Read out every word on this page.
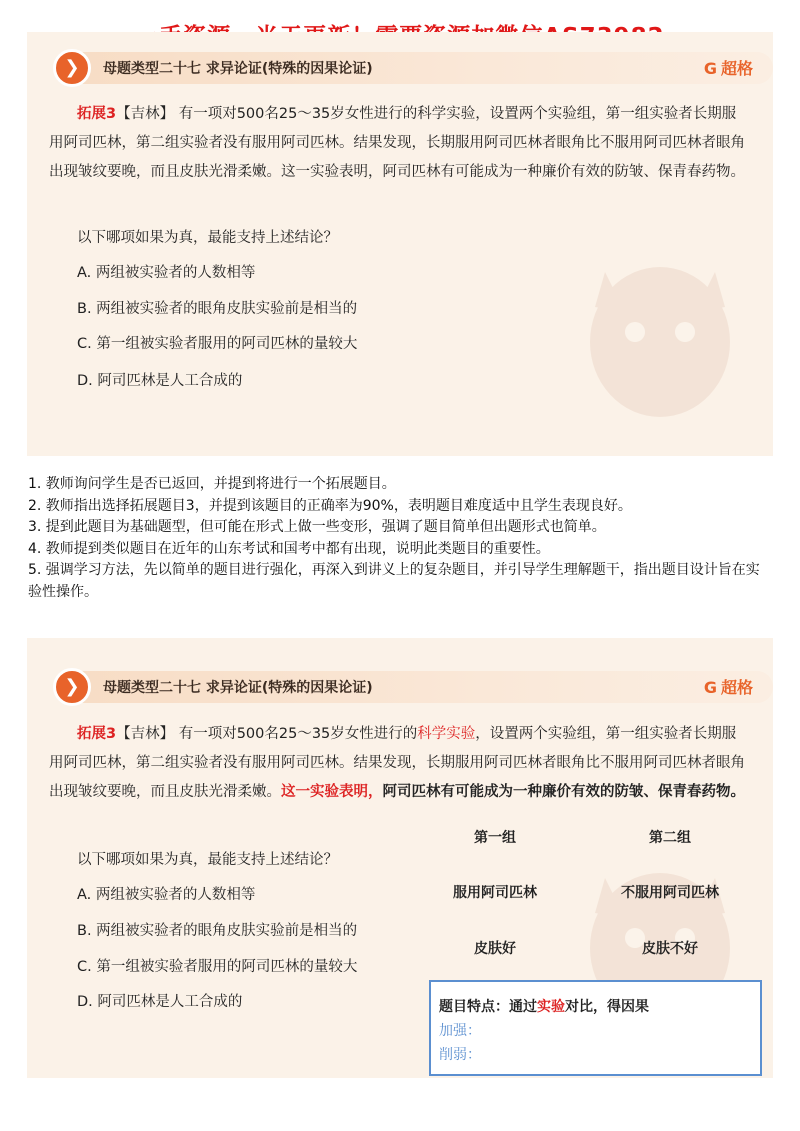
❯	母题类型二十七 求异论证(特殊的因果论证)	G 超格
拓展3【吉林】 有一项对500名25～35岁女性进行的科学实验，设置两个实验组，第一组实验者长期服用阿司匹林，第二组实验者没有服用阿司匹林。结果发现，长期服用阿司匹林者眼角比不服用阿司匹林者眼角出现皱纹要晚，而且皮肤光滑柔嫩。这一实验表明，阿司匹林有可能成为一种廉价有效的防皱、保青春药物。
以下哪项如果为真，最能支持上述结论？
A. 两组被实验者的人数相等
B. 两组被实验者的眼角皮肤实验前是相当的
C. 第一组被实验者服用的阿司匹林的量较大
D. 阿司匹林是人工合成的
1. 教师询问学生是否已返回，并提到将进行一个拓展题目。
2. 教师指出选择拓展题目3，并提到该题目的正确率为90%，表明题目难度适中且学生表现良好。
3. 提到此题目为基础题型，但可能在形式上做一些变形，强调了题目简单但出题形式也简单。
4. 教师提到类似题目在近年的山东考试和国考中都有出现，说明此类题目的重要性。
5. 强调学习方法，先以简单的题目进行强化，再深入到讲义上的复杂题目，并引导学生理解题干，指出题目设计旨在实验性操作。
❯	母题类型二十七 求异论证(特殊的因果论证)	G 超格
拓展3【吉林】 有一项对500名25～35岁女性进行的科学实验，设置两个实验组，第一组实验者长期服用阿司匹林，第二组实验者没有服用阿司匹林。结果发现，长期服用阿司匹林者眼角比不服用阿司匹林者眼角出现皱纹要晚，而且皮肤光滑柔嫩。这一实验表明，阿司匹林有可能成为一种廉价有效的防皱、保青春药物。
以下哪项如果为真，最能支持上述结论？
A. 两组被实验者的人数相等
B. 两组被实验者的眼角皮肤实验前是相当的
C. 第一组被实验者服用的阿司匹林的量较大
D. 阿司匹林是人工合成的
第一组	第二组
服用阿司匹林	不服用阿司匹林
皮肤好	皮肤不好
题目特点：通过实验对比，得因果
加强：
削弱：
